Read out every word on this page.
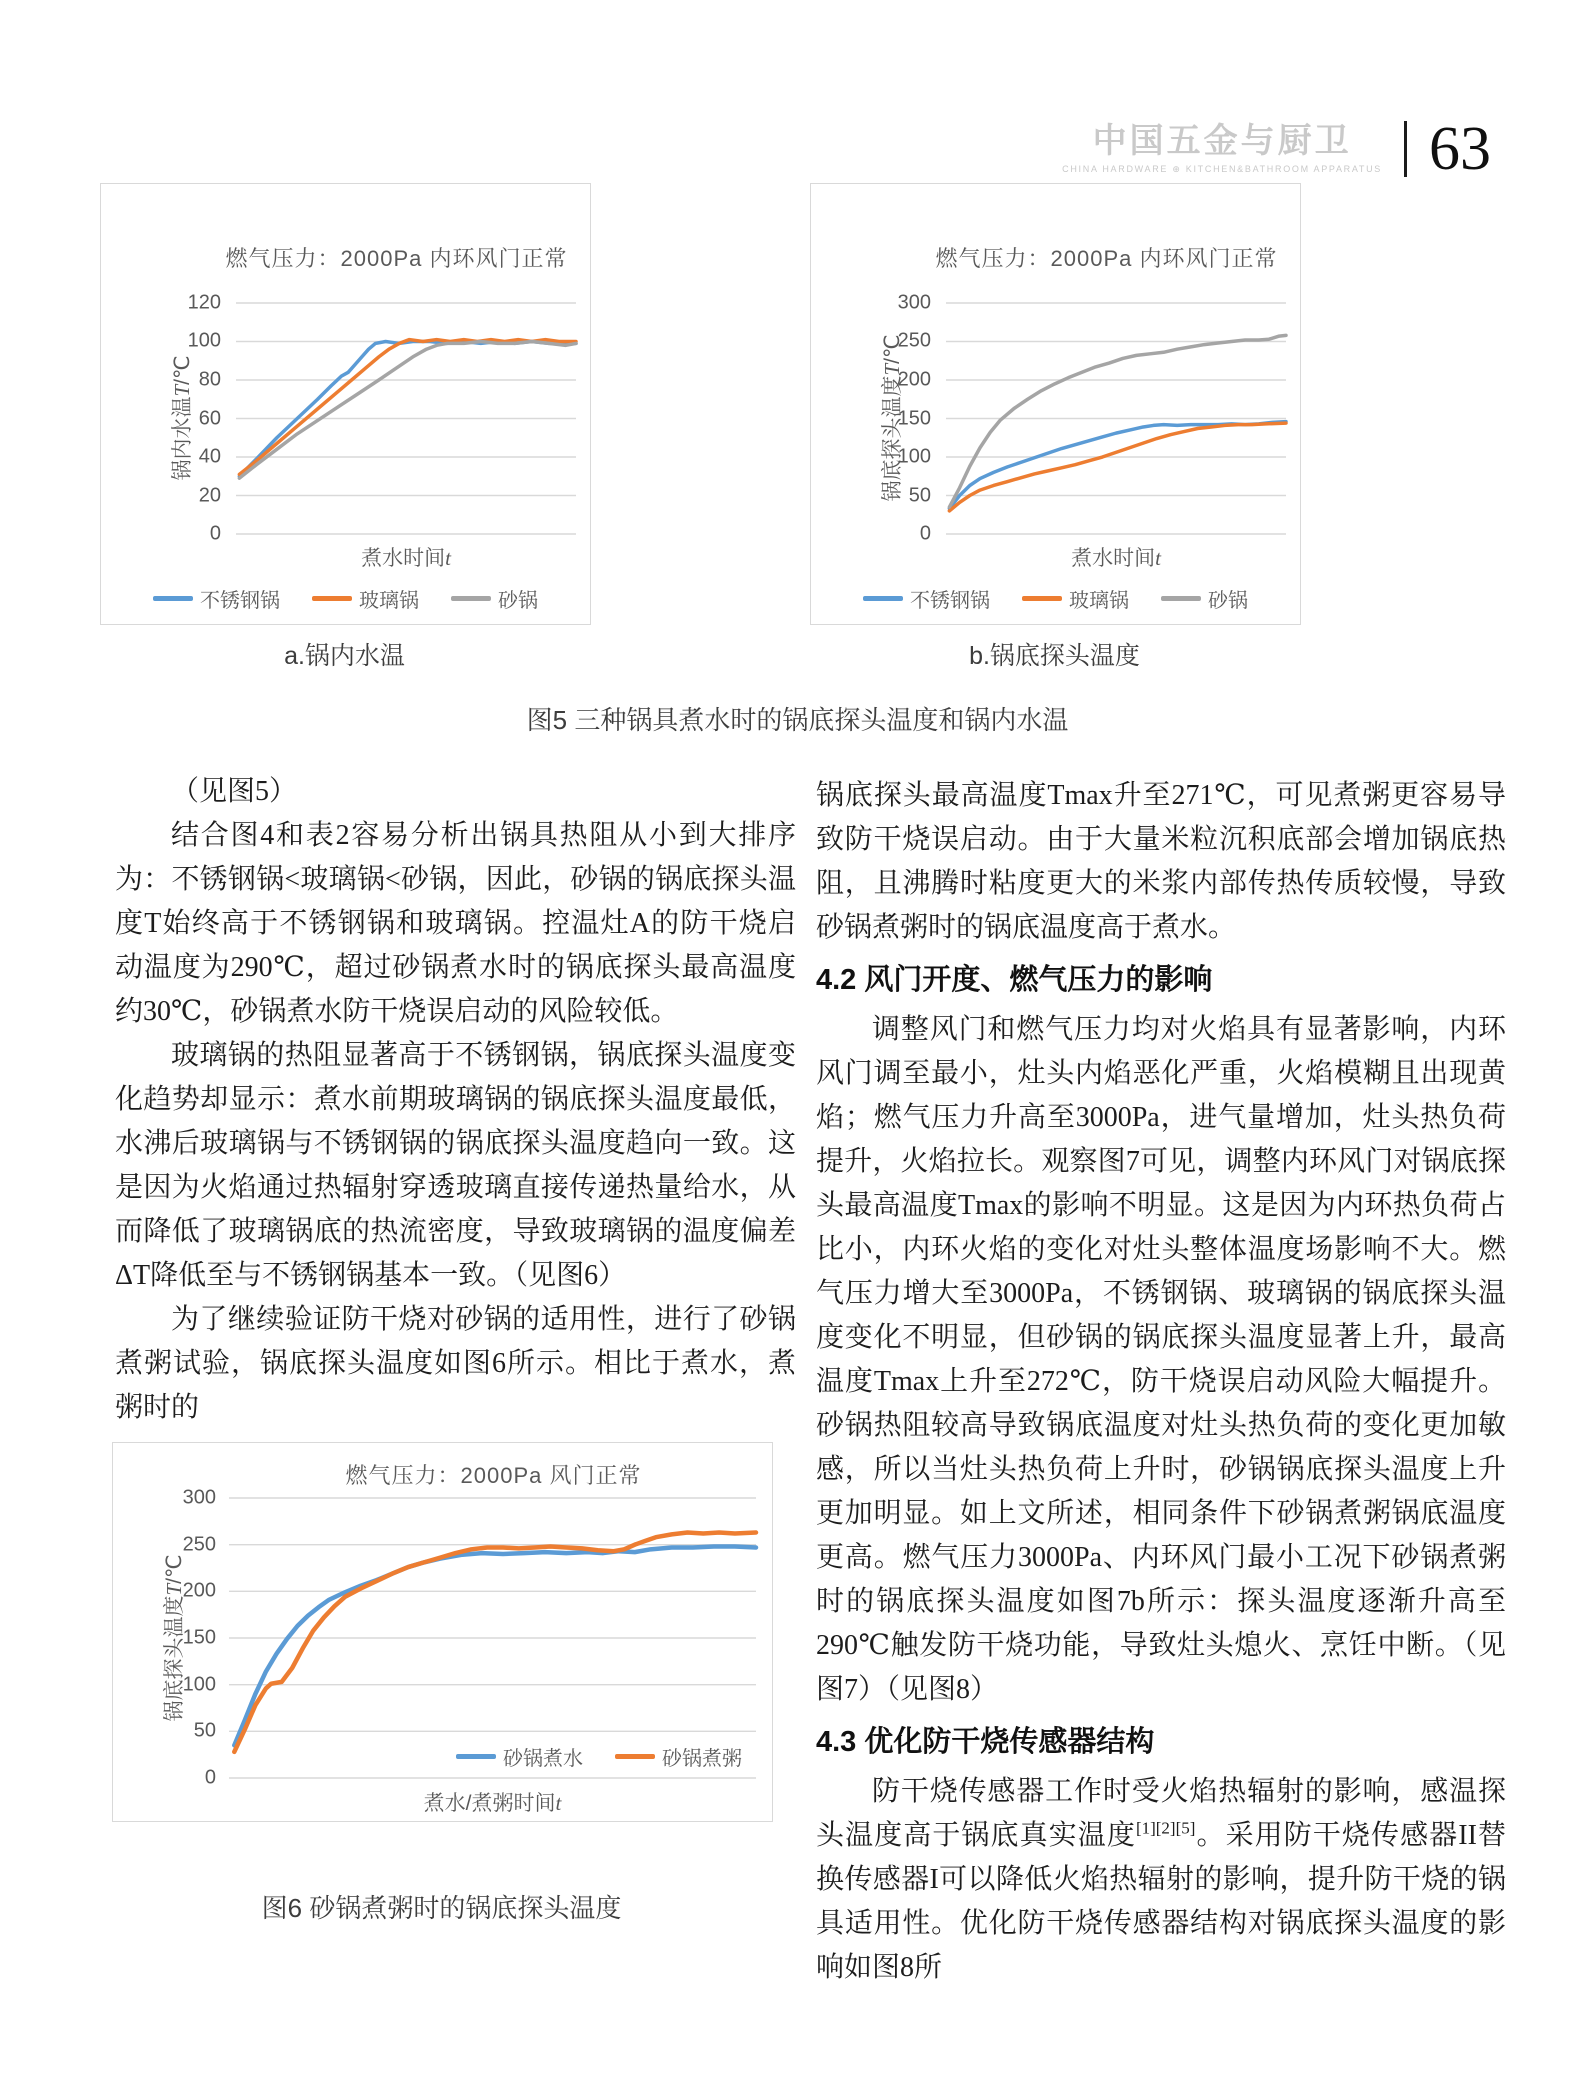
中国五金与厨卫
CHINA HARDWARE ⊕ KITCHEN&BATHROOM APPARATUS 63
燃气压力：2000Pa 内环风门正常
锅内水温T/℃
0
20
40
60
80
100
120
煮水时间t
不锈钢锅	玻璃锅	砂锅
燃气压力：2000Pa 内环风门正常
锅底探头温度T/℃
0
50
100
150
200
250
300
煮水时间t
不锈钢锅	玻璃锅	砂锅
a.锅内水温	b.锅底探头温度
图5 三种锅具煮水时的锅底探头温度和锅内水温

（见图5）

结合图4和表2容易分析出锅具热阻从小到大排序为：不锈钢锅<玻璃锅<砂锅，因此，砂锅的锅底探头温度T始终高于不锈钢锅和玻璃锅。控温灶A的防干烧启动温度为290℃，超过砂锅煮水时的锅底探头最高温度约30℃，砂锅煮水防干烧误启动的风险较低。

玻璃锅的热阻显著高于不锈钢锅，锅底探头温度变化趋势却显示：煮水前期玻璃锅的锅底探头温度最低，水沸后玻璃锅与不锈钢锅的锅底探头温度趋向一致。这是因为火焰通过热辐射穿透玻璃直接传递热量给水，从而降低了玻璃锅底的热流密度，导致玻璃锅的温度偏差ΔT降低至与不锈钢锅基本一致。（见图6）

为了继续验证防干烧对砂锅的适用性，进行了砂锅煮粥试验，锅底探头温度如图6所示。相比于煮水，煮粥时的

锅底探头最高温度Tmax升至271℃，可见煮粥更容易导致防干烧误启动。由于大量米粒沉积底部会增加锅底热阻，且沸腾时粘度更大的米浆内部传热传质较慢，导致砂锅煮粥时的锅底温度高于煮水。

4.2 风门开度、燃气压力的影响

调整风门和燃气压力均对火焰具有显著影响，内环风门调至最小，灶头内焰恶化严重，火焰模糊且出现黄焰；燃气压力升高至3000Pa，进气量增加，灶头热负荷提升，火焰拉长。观察图7可见，调整内环风门对锅底探头最高温度Tmax的影响不明显。这是因为内环热负荷占比小，内环火焰的变化对灶头整体温度场影响不大。燃气压力增大至3000Pa，不锈钢锅、玻璃锅的锅底探头温度变化不明显，但砂锅的锅底探头温度显著上升，最高温度Tmax上升至272℃，防干烧误启动风险大幅提升。砂锅热阻较高导致锅底温度对灶头热负荷的变化更加敏感，所以当灶头热负荷上升时，砂锅锅底探头温度上升更加明显。如上文所述，相同条件下砂锅煮粥锅底温度更高。燃气压力3000Pa、内环风门最小工况下砂锅煮粥时的锅底探头温度如图7b所示：探头温度逐渐升高至290℃触发防干烧功能，导致灶头熄火、烹饪中断。（见图7）（见图8）

4.3 优化防干烧传感器结构

防干烧传感器工作时受火焰热辐射的影响，感温探头温度高于锅底真实温度[1][2][5]。采用防干烧传感器II替换传感器I可以降低火焰热辐射的影响，提升防干烧的锅具适用性。优化防干烧传感器结构对锅底探头温度的影响如图8所

燃气压力：2000Pa 风门正常
锅底探头温度T/℃
0
50
100
150
200
250
300
砂锅煮水	砂锅煮粥
煮水/煮粥时间t
图6 砂锅煮粥时的锅底探头温度
